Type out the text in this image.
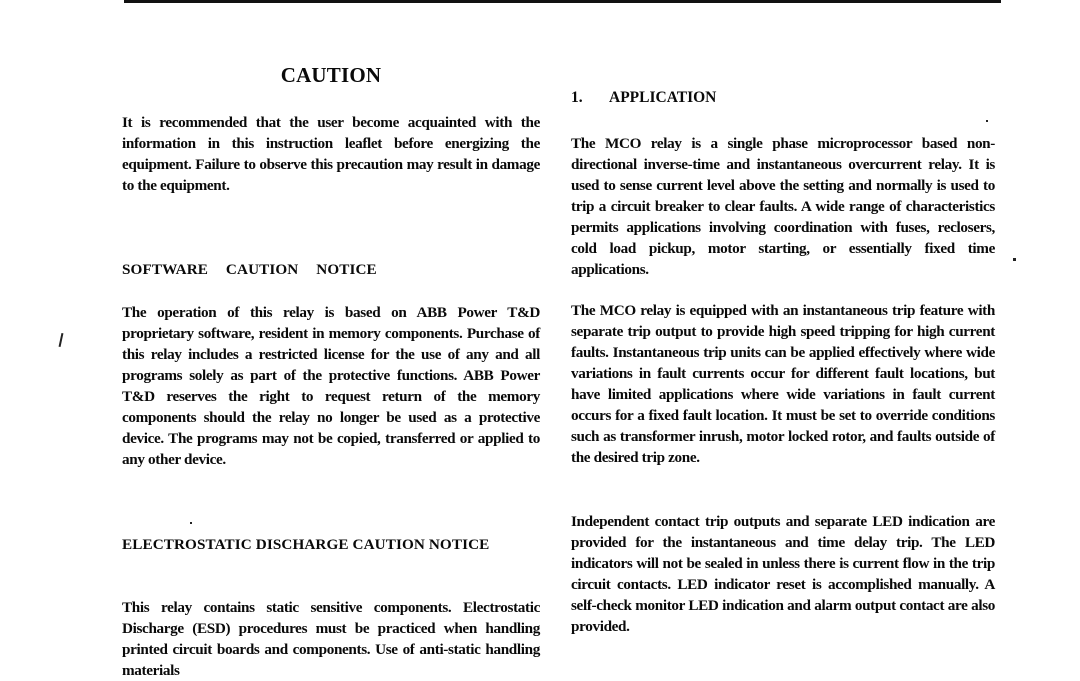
CAUTION

It is recommended that the user become acquainted with the information in this instruction leaflet before energizing the equipment. Failure to observe this precaution may result in damage to the equipment.

SOFTWARE CAUTION NOTICE

The operation of this relay is based on ABB Power T&D proprietary software, resident in memory components. Purchase of this relay includes a restricted license for the use of any and all programs solely as part of the protective functions. ABB Power T&D reserves the right to request return of the memory components should the relay no longer be used as a protective device. The programs may not be copied, transferred or applied to any other device.

ELECTROSTATIC DISCHARGE CAUTION NOTICE

This relay contains static sensitive components. Electrostatic Discharge (ESD) procedures must be practiced when handling printed circuit boards and components. Use of anti-static handling materials

1. APPLICATION

The MCO relay is a single phase microprocessor based non-directional inverse-time and instantaneous overcurrent relay. It is used to sense current level above the setting and normally is used to trip a circuit breaker to clear faults. A wide range of characteristics permits applications involving coordination with fuses, reclosers, cold load pickup, motor starting, or essentially fixed time applications.

The MCO relay is equipped with an instantaneous trip feature with separate trip output to provide high speed tripping for high current faults. Instantaneous trip units can be applied effectively where wide variations in fault currents occur for different fault locations, but have limited applications where wide variations in fault current occurs for a fixed fault location. It must be set to override conditions such as transformer inrush, motor locked rotor, and faults outside of the desired trip zone.

Independent contact trip outputs and separate LED indication are provided for the instantaneous and time delay trip. The LED indicators will not be sealed in unless there is current flow in the trip circuit contacts. LED indicator reset is accomplished manually. A self-check monitor LED indication and alarm output contact are also provided.
